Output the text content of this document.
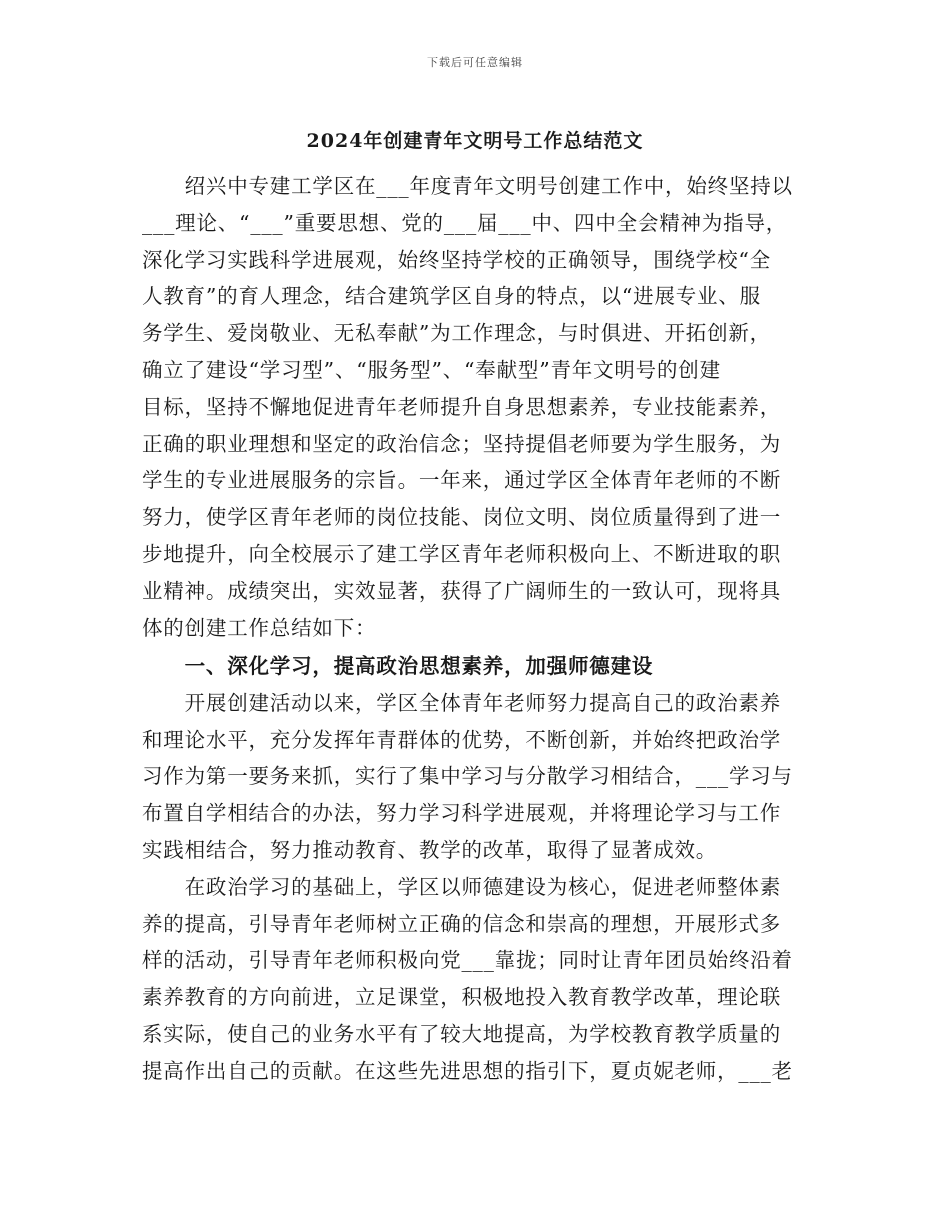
下载后可任意编辑
2024年创建青年文明号工作总结范文
　　绍兴中专建工学区在___年度青年文明号创建工作中，始终坚持以
___理论、“___”重要思想、党的___届___中、四中全会精神为指导，
深化学习实践科学进展观，始终坚持学校的正确领导，围绕学校“全
人教育”的育人理念，结合建筑学区自身的特点，以“进展专业、服
务学生、爱岗敬业、无私奉献”为工作理念，与时俱进、开拓创新，
确立了建设“学习型”、“服务型”、“奉献型”青年文明号的创建
目标，坚持不懈地促进青年老师提升自身思想素养，专业技能素养，
正确的职业理想和坚定的政治信念；坚持提倡老师要为学生服务，为
学生的专业进展服务的宗旨。一年来，通过学区全体青年老师的不断
努力，使学区青年老师的岗位技能、岗位文明、岗位质量得到了进一
步地提升，向全校展示了建工学区青年老师积极向上、不断进取的职
业精神。成绩突出，实效显著，获得了广阔师生的一致认可，现将具
体的创建工作总结如下：
　　一、深化学习，提高政治思想素养，加强师德建设
　　开展创建活动以来，学区全体青年老师努力提高自己的政治素养
和理论水平，充分发挥年青群体的优势，不断创新，并始终把政治学
习作为第一要务来抓，实行了集中学习与分散学习相结合，___学习与
布置自学相结合的办法，努力学习科学进展观，并将理论学习与工作
实践相结合，努力推动教育、教学的改革，取得了显著成效。
　　在政治学习的基础上，学区以师德建设为核心，促进老师整体素
养的提高，引导青年老师树立正确的信念和崇高的理想，开展形式多
样的活动，引导青年老师积极向党___靠拢；同时让青年团员始终沿着
素养教育的方向前进，立足课堂，积极地投入教育教学改革，理论联
系实际，使自己的业务水平有了较大地提高，为学校教育教学质量的
提高作出自己的贡献。在这些先进思想的指引下，夏贞妮老师，___老
